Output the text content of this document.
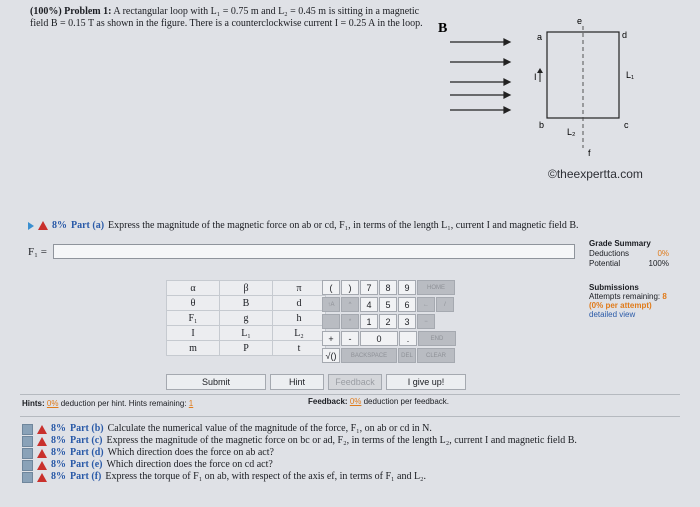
(100%) Problem 1: A rectangular loop with L₁ = 0.75 m and L₂ = 0.45 m is sitting in a magnetic field B = 0.15 T as shown in the figure. There is a counterclockwise current I = 0.25 A in the loop.	B⃗
a	d
b	c
e
f
I	L₁
L₂
©theexpertta.com
8% Part (a) Express the magnitude of the magnetic force on ab or cd, F₁, in terms of the length L₁, current I and magnetic field B.
F₁ =
Grade Summary
Deductions	0%
Potential	100%
Submissions
Attempts remaining: 8
(0% per attempt)
detailed view
α	β	π
θ	B	d
F₁	g	h
I	L₁	L₂
m	P	t
(	)	7	8	9	HOME
↑A	^	4	5	6	←	/
*	1	2	3	−
+	-	0	.	END
√()	BACKSPACE	DEL	CLEAR
Submit	Hint	Feedback	I give up!
Hints: 0% deduction per hint. Hints remaining: 1	Feedback: 0% deduction per feedback.
8% Part (b) Calculate the numerical value of the magnitude of the force, F₁, on ab or cd in N.
8% Part (c) Express the magnitude of the magnetic force on bc or ad, F₂, in terms of the length L₂, current I and magnetic field B.
8% Part (d) Which direction does the force on ab act?
8% Part (e) Which direction does the force on cd act?
8% Part (f) Express the torque of F₁ on ab, with respect of the axis ef, in terms of F₁ and L₂.
